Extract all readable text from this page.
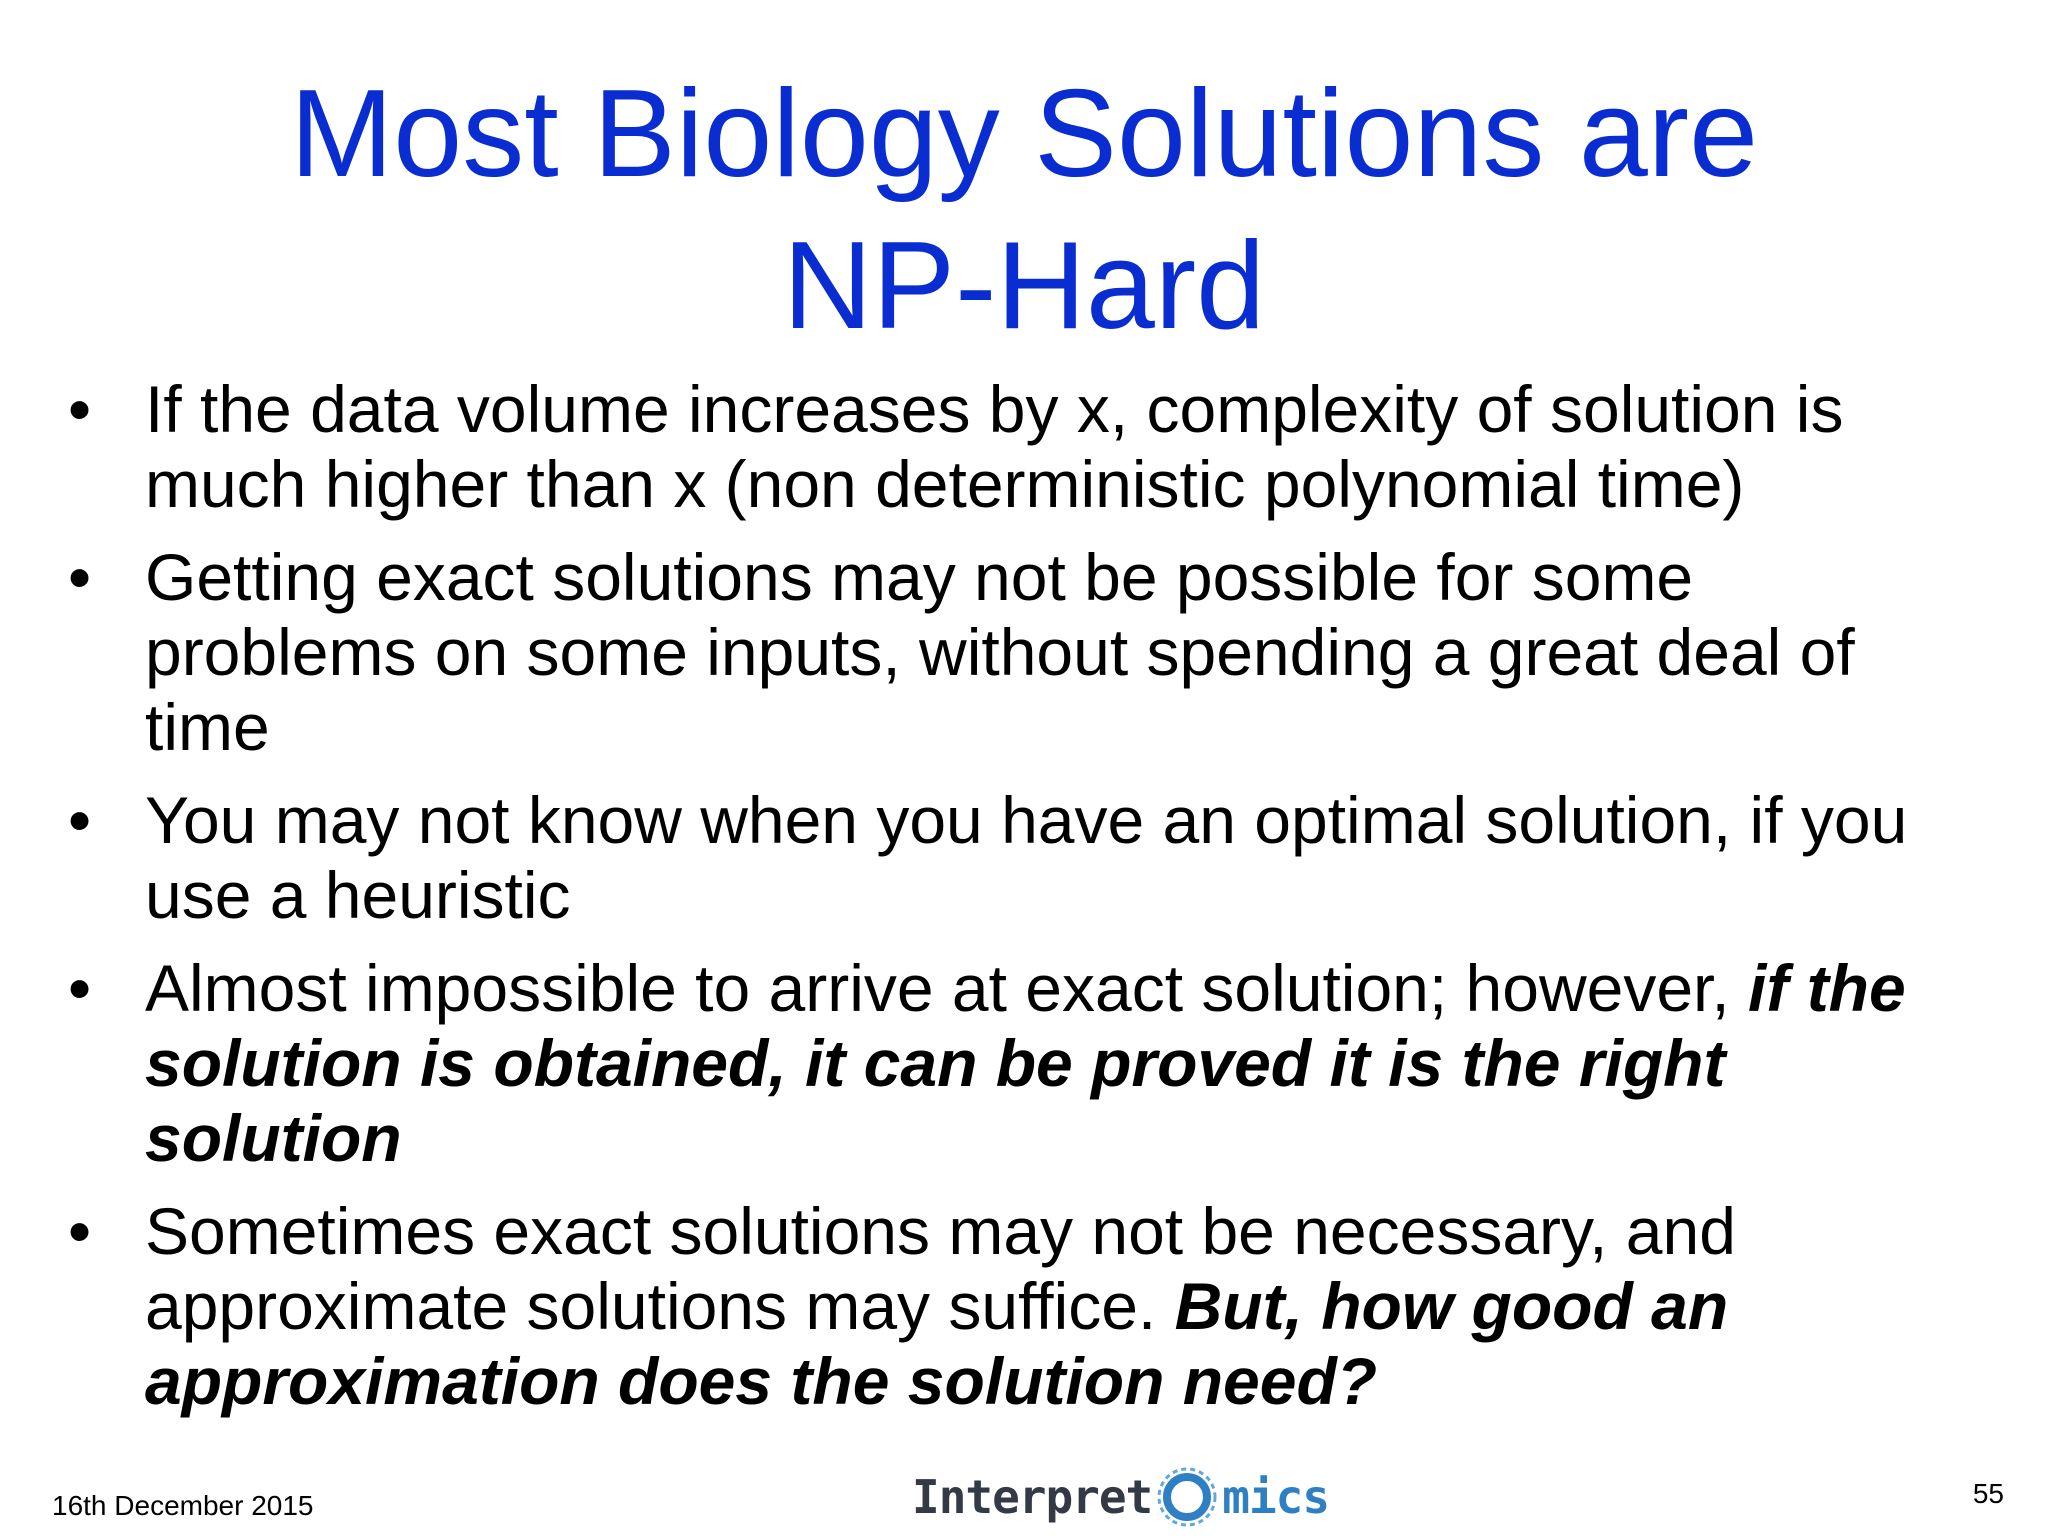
Most Biology Solutions are
NP-Hard
• If the data volume increases by x, complexity of solution is much higher than x (non deterministic polynomial time)
• Getting exact solutions may not be possible for some problems on some inputs, without spending a great deal of time
• You may not know when you have an optimal solution, if you use a heuristic
• Almost impossible to arrive at exact solution; however, if the solution is obtained, it can be proved it is the right solution
• Sometimes exact solutions may not be necessary, and approximate solutions may suffice. But, how good an approximation does the solution need?
16th December 2015	Interpret mics	55
